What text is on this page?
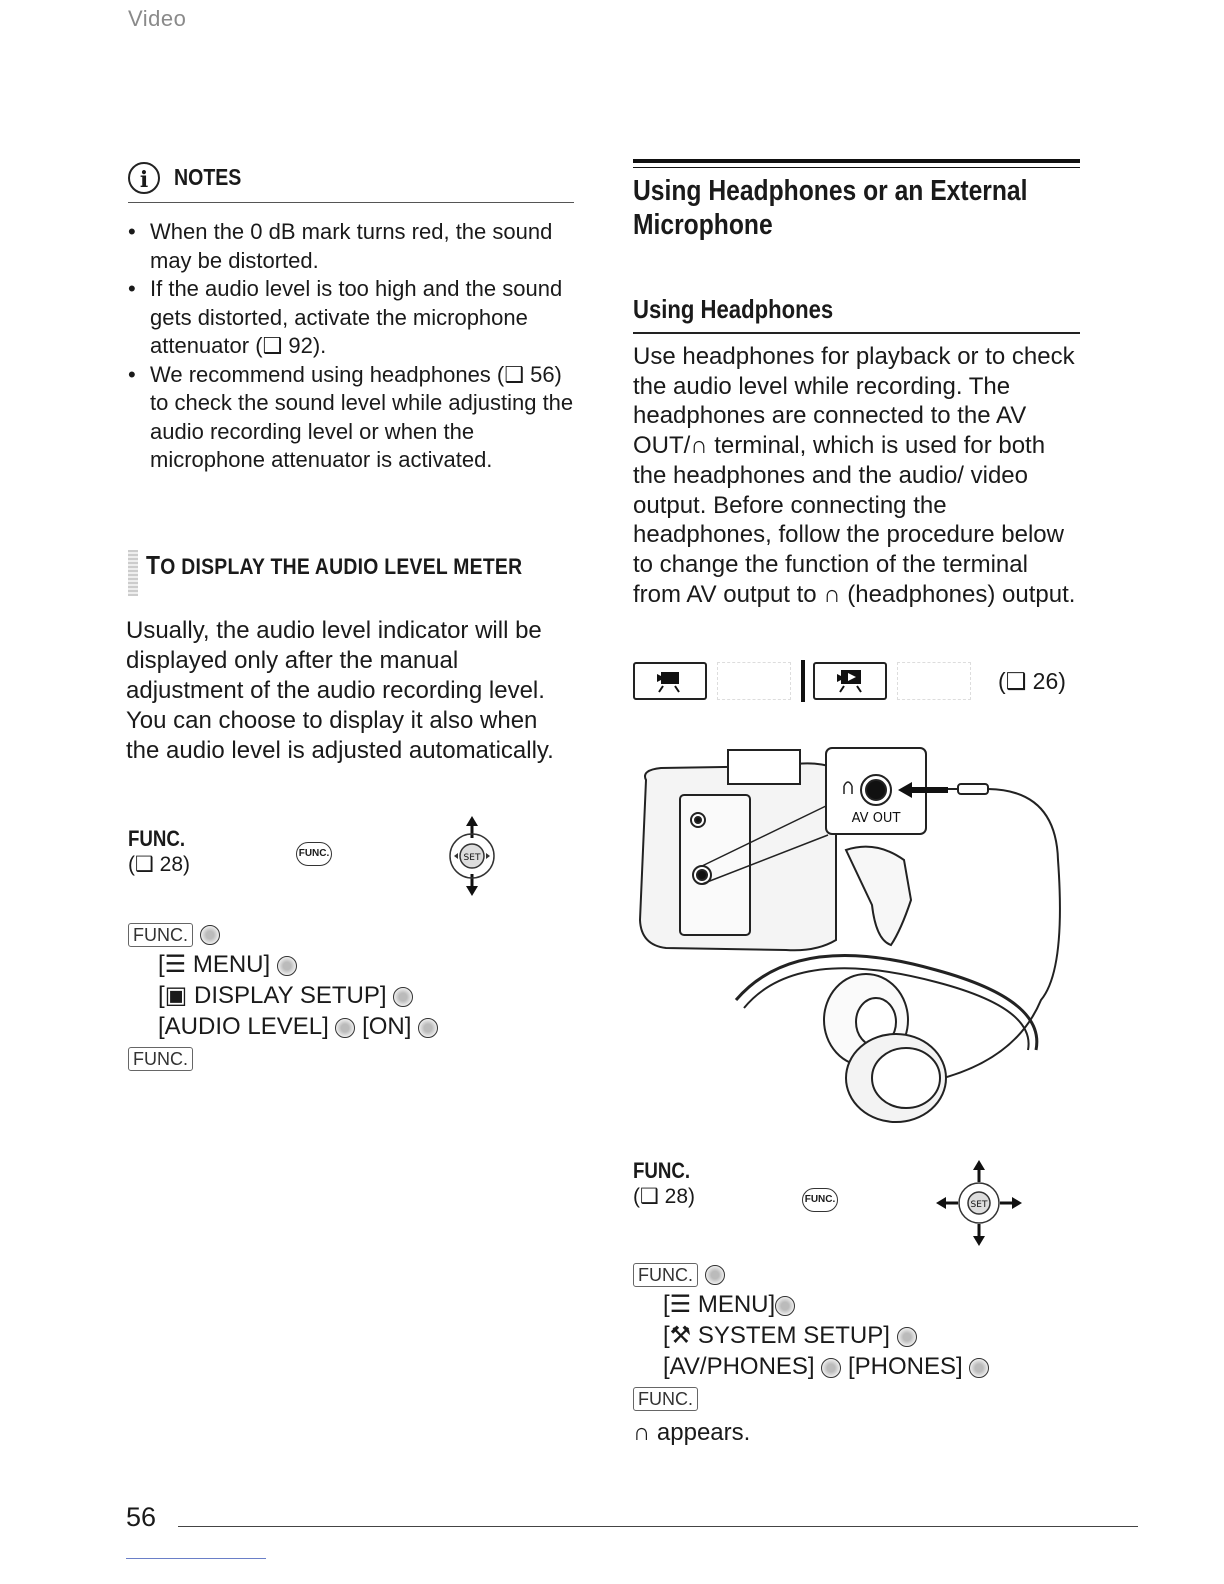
Video
i	NOTES
• When the 0 dB mark turns red, the sound may be distorted.
• If the audio level is too high and the sound gets distorted, activate the microphone attenuator (❑ 92).
• We recommend using headphones (❑ 56) to check the sound level while adjusting the audio recording level or when the microphone attenuator is activated.
TO DISPLAY THE AUDIO LEVEL METER
Usually, the audio level indicator will be displayed only after the manual adjustment of the audio recording level. You can choose to display it also when the audio level is adjusted automatically.
FUNC.
(❑ 28)	FUNC.	SET
FUNC.
[☰ MENU]
[▣ DISPLAY SETUP]
[AUDIO LEVEL] [ON]
FUNC.
Using Headphones or an External Microphone
Using Headphones
Use headphones for playback or to check the audio level while recording. The headphones are connected to the AV OUT/∩ terminal, which is used for both the headphones and the audio/ video output. Before connecting the headphones, follow the procedure below to change the function of the terminal from AV output to ∩ (headphones) output.
(❑ 26)
AV OUT
FUNC.
(❑ 28)	FUNC.	SET
FUNC.
[☰ MENU]
[⚒ SYSTEM SETUP]
[AV/PHONES] [PHONES]
FUNC.
∩ appears.
56
